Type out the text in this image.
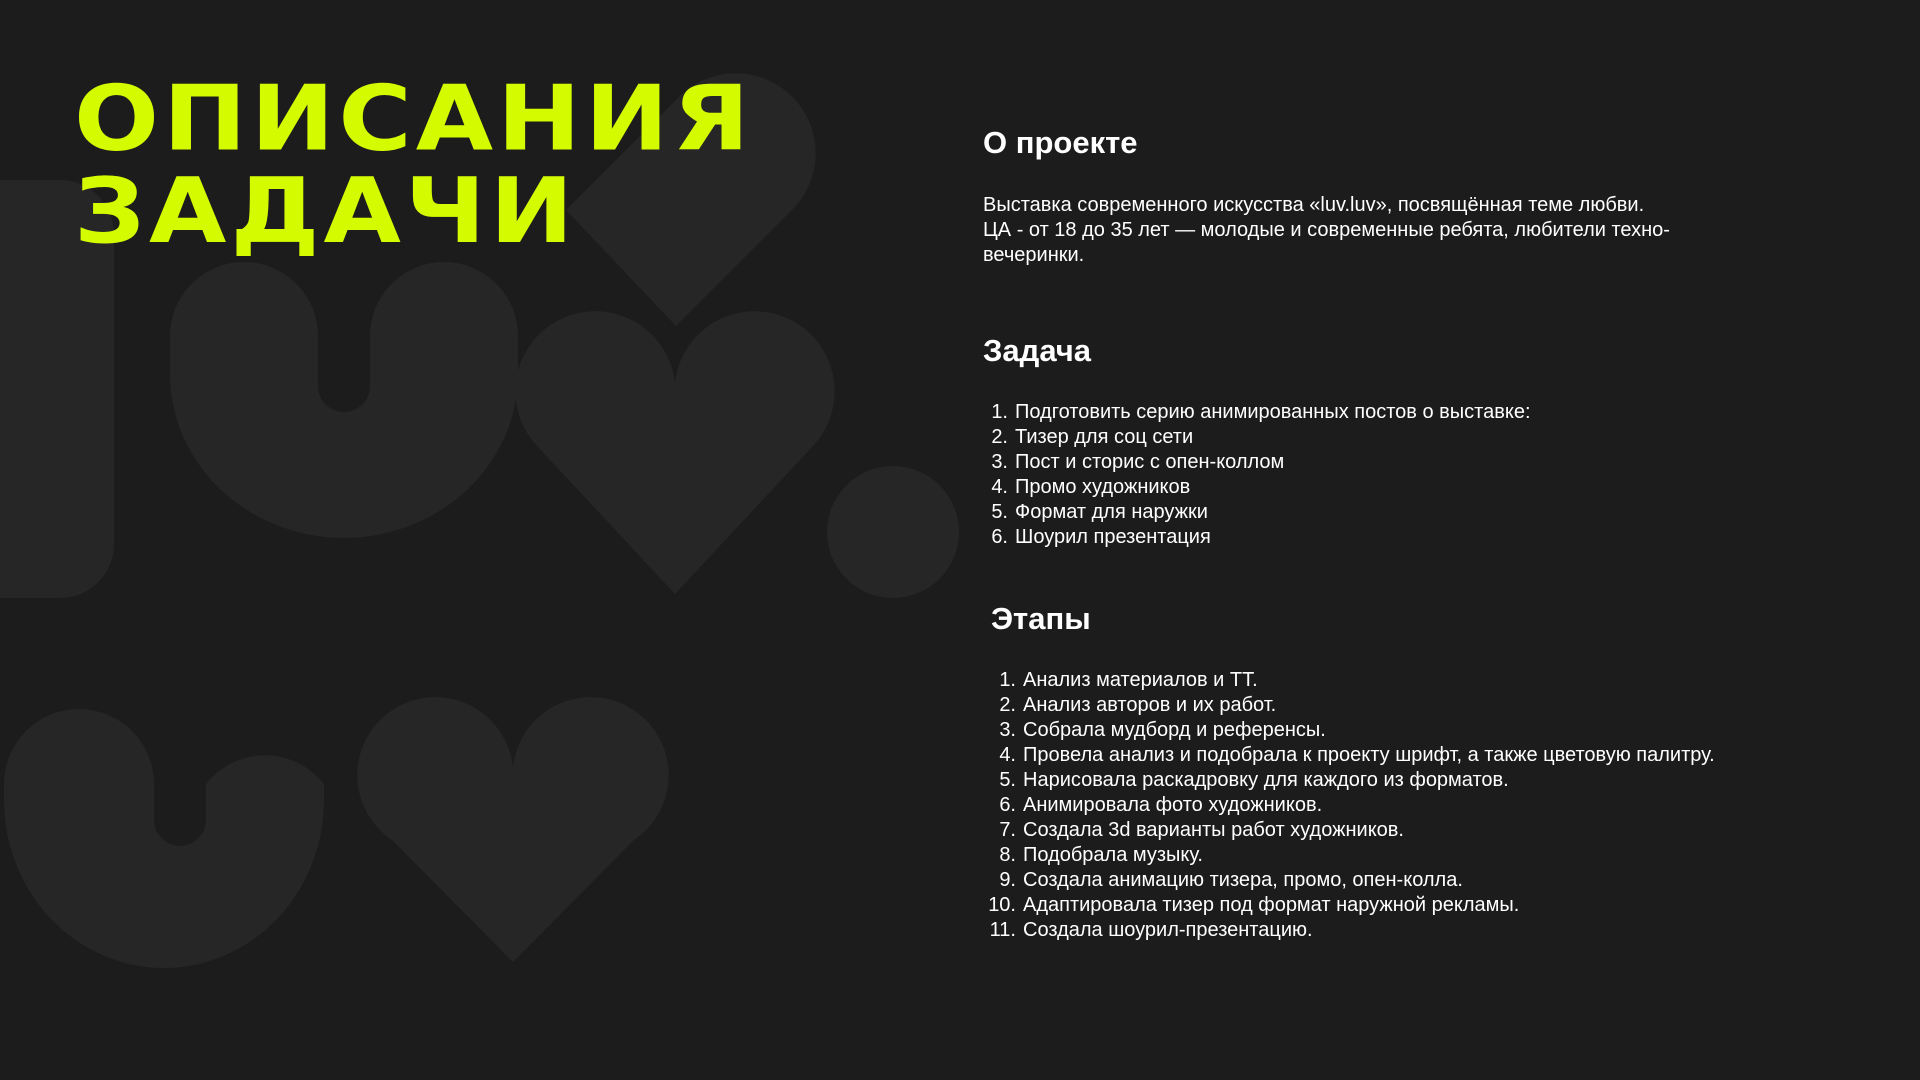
ОПИСАНИЯ
ЗАДАЧИ
О проекте

Выставка современного искусства «luv.luv», посвящённая теме любви.
ЦА - от 18 до 35 лет — молодые и современные ребята, любители техно-вечеринки.

Задача
1. Подготовить серию анимированных постов о выставке:
2. Тизер для соц сети
3. Пост и сторис с опен-коллом
4. Промо художников
5. Формат для наружки
6. Шоурил презентация
Этапы
1. Анализ материалов и ТТ.
2. Анализ авторов и их работ.
3. Собрала мудборд и референсы.
4. Провела анализ и подобрала к проекту шрифт, а также цветовую палитру.
5. Нарисовала раскадровку для каждого из форматов.
6. Анимировала фото художников.
7. Создала 3d варианты работ художников.
8. Подобрала музыку.
9. Создала анимацию тизера, промо, опен-колла.
10. Адаптировала тизер под формат наружной рекламы.
11. Создала шоурил-презентацию.
